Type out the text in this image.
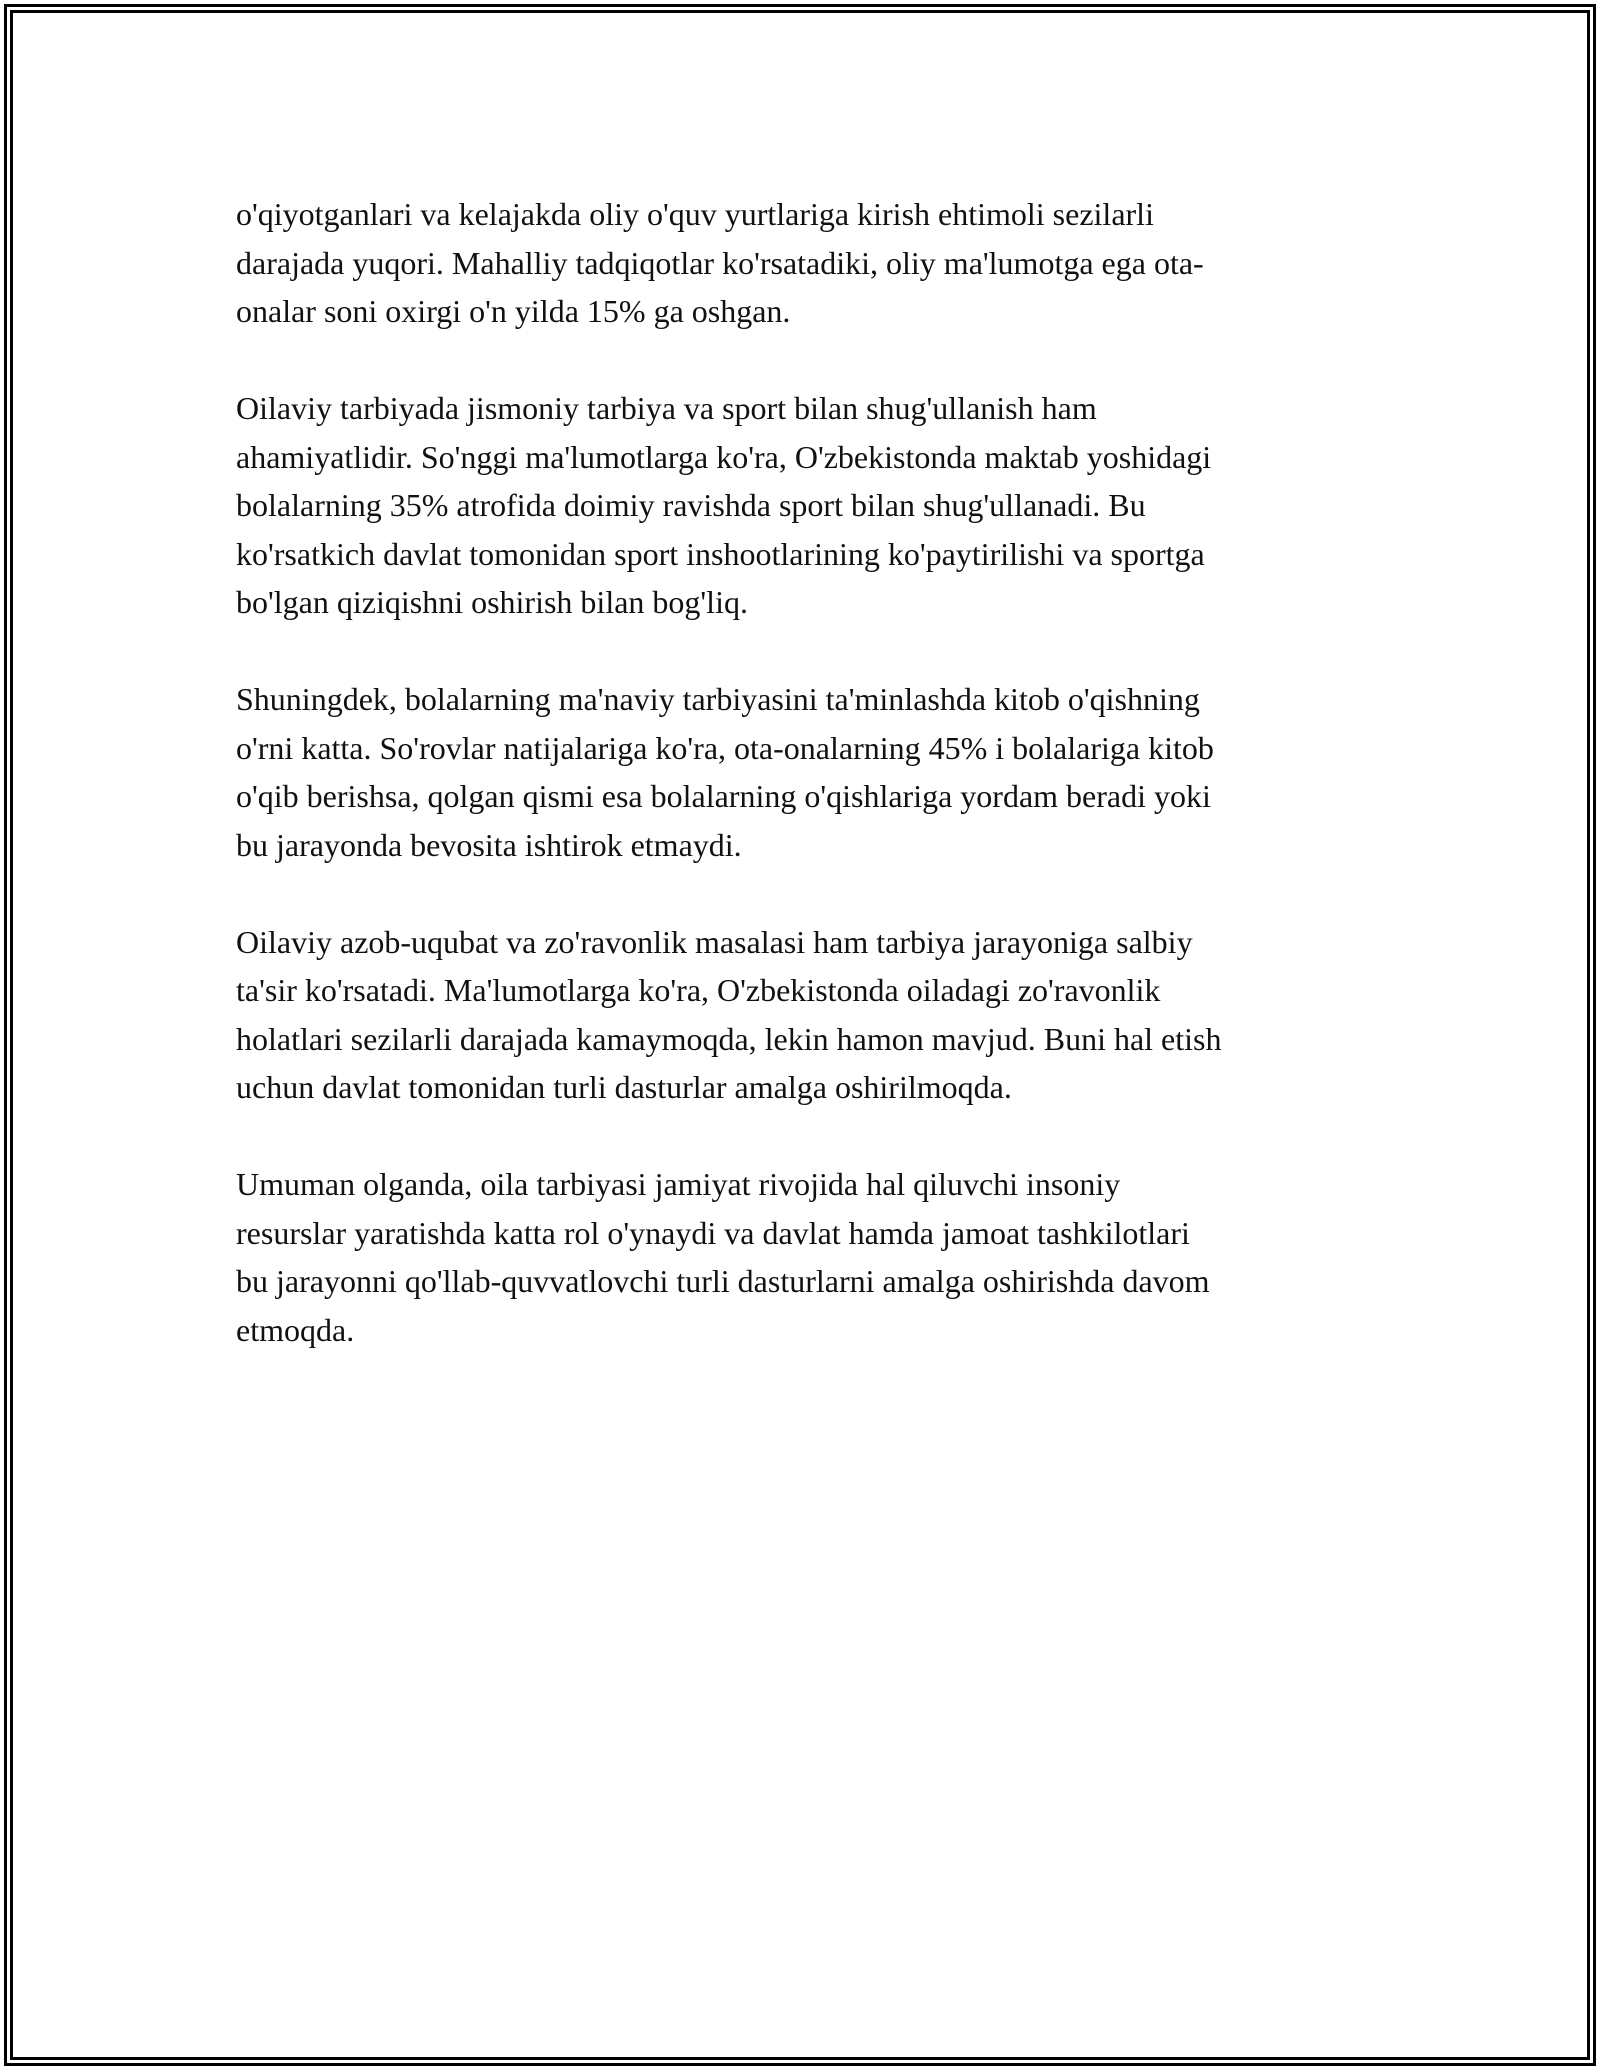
o'qiyotganlari va kelajakda oliy o'quv yurtlariga kirish ehtimoli sezilarli
darajada yuqori. Mahalliy tadqiqotlar ko'rsatadiki, oliy ma'lumotga ega ota-
onalar soni oxirgi o'n yilda 15% ga oshgan.

Oilaviy tarbiyada jismoniy tarbiya va sport bilan shug'ullanish ham
ahamiyatlidir. So'nggi ma'lumotlarga ko'ra, O'zbekistonda maktab yoshidagi
bolalarning 35% atrofida doimiy ravishda sport bilan shug'ullanadi. Bu
ko'rsatkich davlat tomonidan sport inshootlarining ko'paytirilishi va sportga
bo'lgan qiziqishni oshirish bilan bog'liq.

Shuningdek, bolalarning ma'naviy tarbiyasini ta'minlashda kitob o'qishning
o'rni katta. So'rovlar natijalariga ko'ra, ota-onalarning 45% i bolalariga kitob
o'qib berishsa, qolgan qismi esa bolalarning o'qishlariga yordam beradi yoki
bu jarayonda bevosita ishtirok etmaydi.

Oilaviy azob-uqubat va zo'ravonlik masalasi ham tarbiya jarayoniga salbiy
ta'sir ko'rsatadi. Ma'lumotlarga ko'ra, O'zbekistonda oiladagi zo'ravonlik
holatlari sezilarli darajada kamaymoqda, lekin hamon mavjud. Buni hal etish
uchun davlat tomonidan turli dasturlar amalga oshirilmoqda.

Umuman olganda, oila tarbiyasi jamiyat rivojida hal qiluvchi insoniy
resurslar yaratishda katta rol o'ynaydi va davlat hamda jamoat tashkilotlari
bu jarayonni qo'llab-quvvatlovchi turli dasturlarni amalga oshirishda davom
etmoqda.
